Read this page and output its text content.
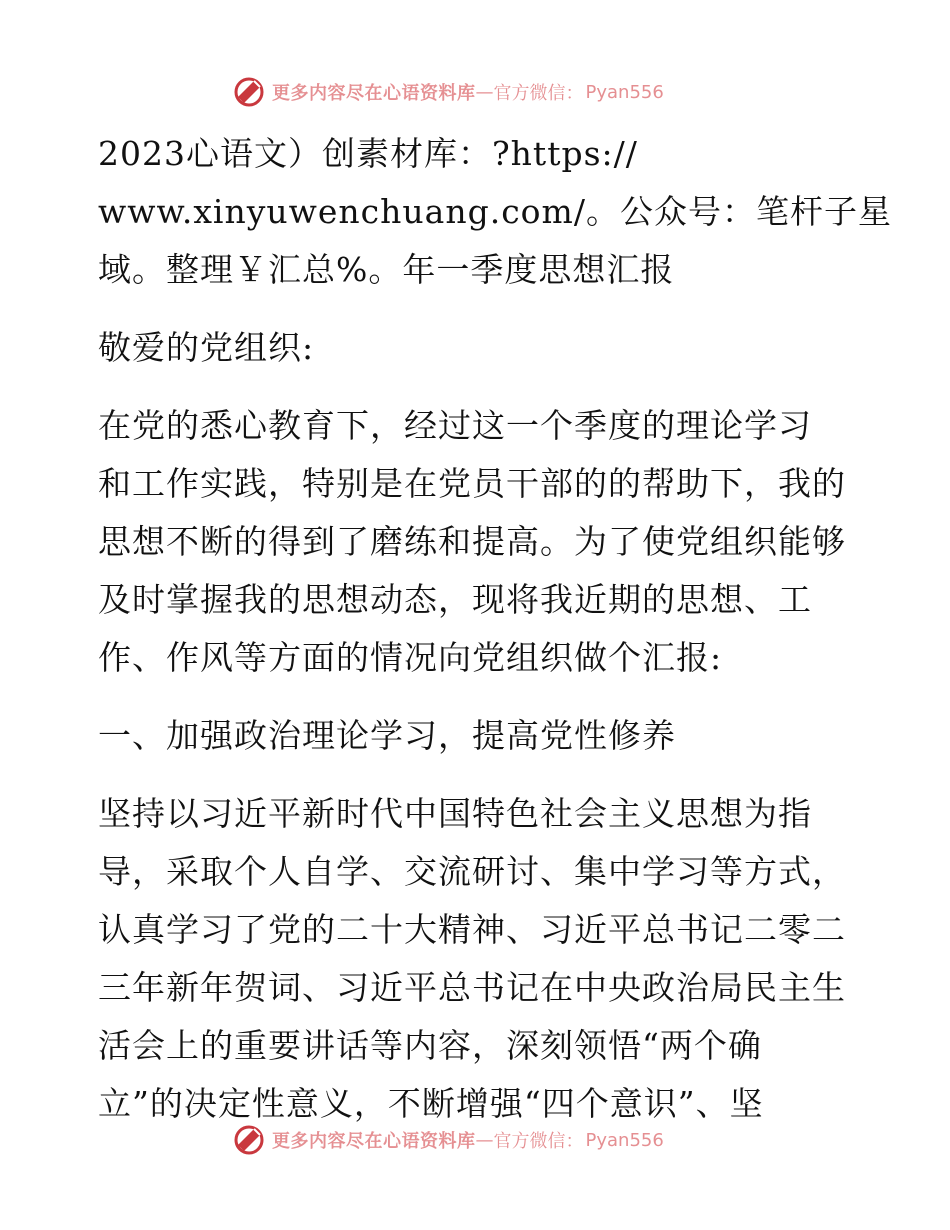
更多内容尽在心语资料库 — 官方微信： Pyan556
2023心语文）创素材库：?https://
www.xinyuwenchuang.com/。公众号：笔杆子星
域。整理￥汇总%。年一季度思想汇报
敬爱的党组织:
在党的悉心教育下，经过这一个季度的理论学习
和工作实践，特别是在党员干部的的帮助下，我的
思想不断的得到了磨练和提高。为了使党组织能够
及时掌握我的思想动态，现将我近期的思想、工
作、作风等方面的情况向党组织做个汇报:
一、加强政治理论学习，提高党性修养
坚持以习近平新时代中国特色社会主义思想为指
导，采取个人自学、交流研讨、集中学习等方式，
认真学习了党的二十大精神、习近平总书记二零二
三年新年贺词、习近平总书记在中央政治局民主生
活会上的重要讲话等内容，深刻领悟“两个确
立”的决定性意义，不断增强“四个意识”、坚
更多内容尽在心语资料库 — 官方微信： Pyan556
